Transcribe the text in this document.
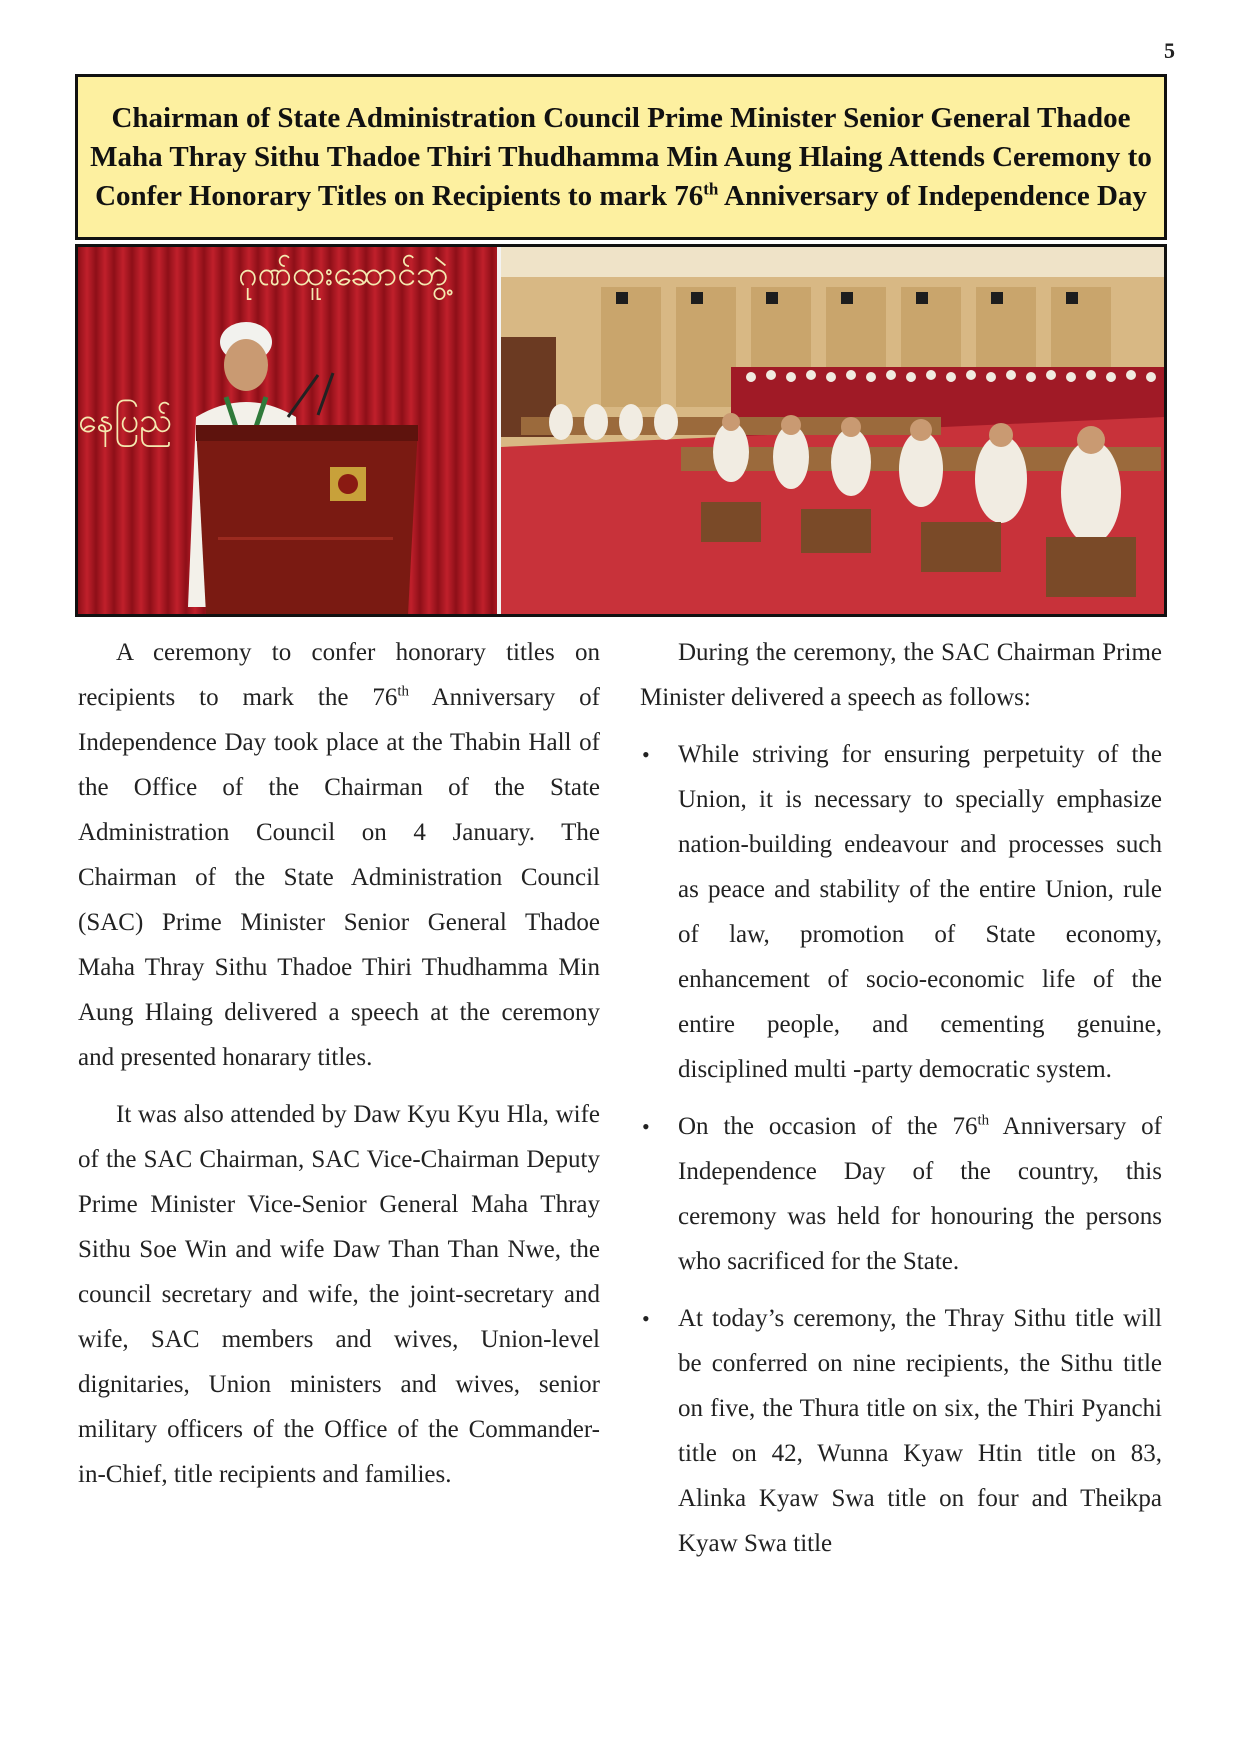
5
Chairman of State Administration Council Prime Minister Senior General Thadoe Maha Thray Sithu Thadoe Thiri Thudhamma Min Aung Hlaing Attends Ceremony to Confer Honorary Titles on Recipients to mark 76th Anniversary of Independence Day
ဂုဏ်ထူးဆောင်ဘွဲ့
နေပြည်

A ceremony to confer honorary titles on recipients to mark the 76th Anniversary of Independence Day took place at the Thabin Hall of the Office of the Chairman of the State Administration Council on 4 January. The Chairman of the State Administration Council (SAC) Prime Minister Senior General Thadoe Maha Thray Sithu Thadoe Thiri Thudhamma Min Aung Hlaing delivered a speech at the ceremony and presented honarary titles.

It was also attended by Daw Kyu Kyu Hla, wife of the SAC Chairman, SAC Vice-Chairman Deputy Prime Minister Vice-Senior General Maha Thray Sithu Soe Win and wife Daw Than Than Nwe, the council secretary and wife, the joint-secretary and wife, SAC members and wives, Union-level dignitaries, Union ministers and wives, senior military officers of the Office of the Commander-in-Chief, title recipients and families.

During the ceremony, the SAC Chairman Prime Minister delivered a speech as follows:

• While striving for ensuring perpetuity of the Union, it is necessary to specially emphasize nation-building endeavour and processes such as peace and stability of the entire Union, rule of law, promotion of State economy, enhancement of socio-economic life of the entire people, and cementing genuine, disciplined multi -party democratic system.
• On the occasion of the 76th Anniversary of Independence Day of the country, this ceremony was held for honouring the persons who sacrificed for the State.
• At today’s ceremony, the Thray Sithu title will be conferred on nine recipients, the Sithu title on five, the Thura title on six, the Thiri Pyanchi title on 42, Wunna Kyaw Htin title on 83, Alinka Kyaw Swa title on four and Theikpa Kyaw Swa title
